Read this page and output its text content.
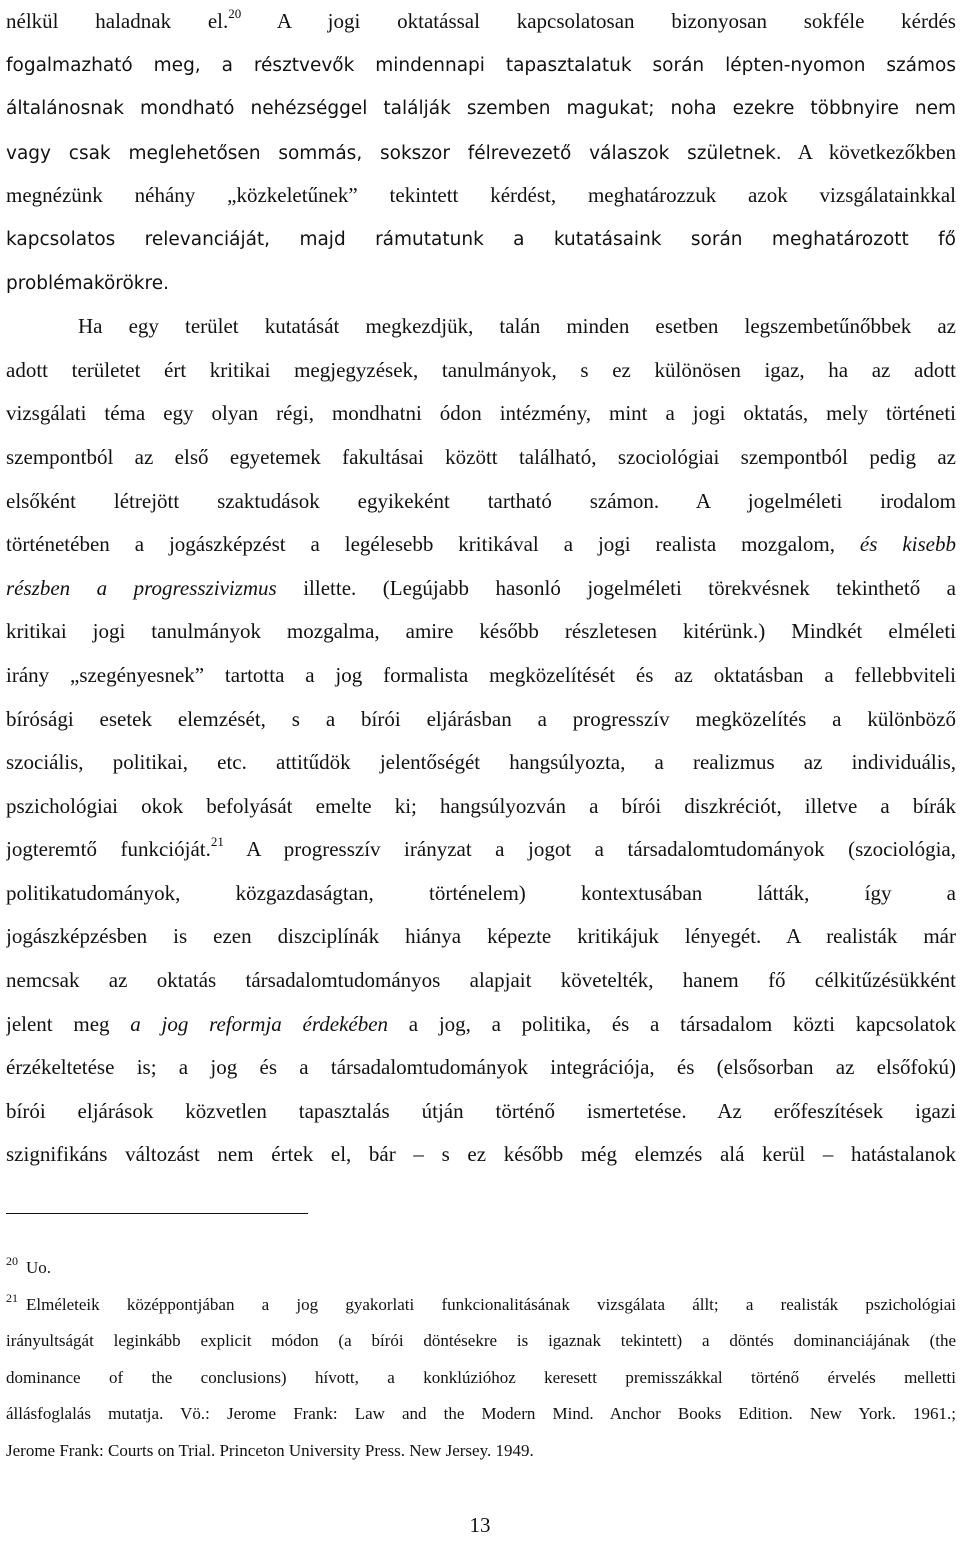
nélkül haladnak el.$^{20}$ A jogi oktatással kapcsolatosan bizonyosan sokféle kérdés
fogalmazható meg, a résztvevők mindennapi tapasztalatuk során lépten-nyomon számos
általánosnak mondható nehézséggel találják szemben magukat; noha ezekre többnyire nem
vagy csak meglehetősen sommás, sokszor félrevezető válaszok születnek. A következőkben
megnézünk néhány „közkeletűnek” tekintett kérdést, meghatározzuk azok vizsgálatainkkal
kapcsolatos relevanciáját, majd rámutatunk a kutatásaink során meghatározott fő
problémakörökre.
Ha egy terület kutatását megkezdjük, talán minden esetben legszembetűnőbbek az
adott területet ért kritikai megjegyzések, tanulmányok, s ez különösen igaz, ha az adott
vizsgálati téma egy olyan régi, mondhatni ódon intézmény, mint a jogi oktatás, mely történeti
szempontból az első egyetemek fakultásai között található, szociológiai szempontból pedig az
elsőként létrejött szaktudások egyikeként tartható számon. A jogelméleti irodalom
történetében a jogászképzést a legélesebb kritikával a jogi realista mozgalom, és kisebb
részben a progresszivizmus illette. (Legújabb hasonló jogelméleti törekvésnek tekinthető a
kritikai jogi tanulmányok mozgalma, amire később részletesen kitérünk.) Mindkét elméleti
irány „szegényesnek” tartotta a jog formalista megközelítését és az oktatásban a fellebbviteli
bírósági esetek elemzését, s a bírói eljárásban a progresszív megközelítés a különböző
szociális, politikai, etc. attitűdök jelentőségét hangsúlyozta, a realizmus az individuális,
pszichológiai okok befolyását emelte ki; hangsúlyozván a bírói diszkréciót, illetve a bírák
jogteremtő funkcióját.$^{21}$ A progresszív irányzat a jogot a társadalomtudományok (szociológia,
politikatudományok, közgazdaságtan, történelem) kontextusában látták, így a
jogászképzésben is ezen diszciplínák hiánya képezte kritikájuk lényegét. A realisták már
nemcsak az oktatás társadalomtudományos alapjait követelték, hanem fő célkitűzésükként
jelent meg a jog reformja érdekében a jog, a politika, és a társadalom közti kapcsolatok
érzékeltetése is; a jog és a társadalomtudományok integrációja, és (elsősorban az elsőfokú)
bírói eljárások közvetlen tapasztalás útján történő ismertetése. Az erőfeszítések igazi
szignifikáns változást nem értek el, bár – s ez később még elemzés alá kerül – hatástalanok
$^{20}$ Uo.
$^{21}$ Elméleteik középpontjában a jog gyakorlati funkcionalitásának vizsgálata állt; a realisták pszichológiai
irányultságát leginkább explicit módon (a bírói döntésekre is igaznak tekintett) a döntés dominanciájának (the
dominance of the conclusions) hívott, a konklúzióhoz keresett premisszákkal történő érvelés melletti
állásfoglalás mutatja. Vö.: Jerome Frank: Law and the Modern Mind. Anchor Books Edition. New York. 1961.;
Jerome Frank: Courts on Trial. Princeton University Press. New Jersey. 1949.
13
